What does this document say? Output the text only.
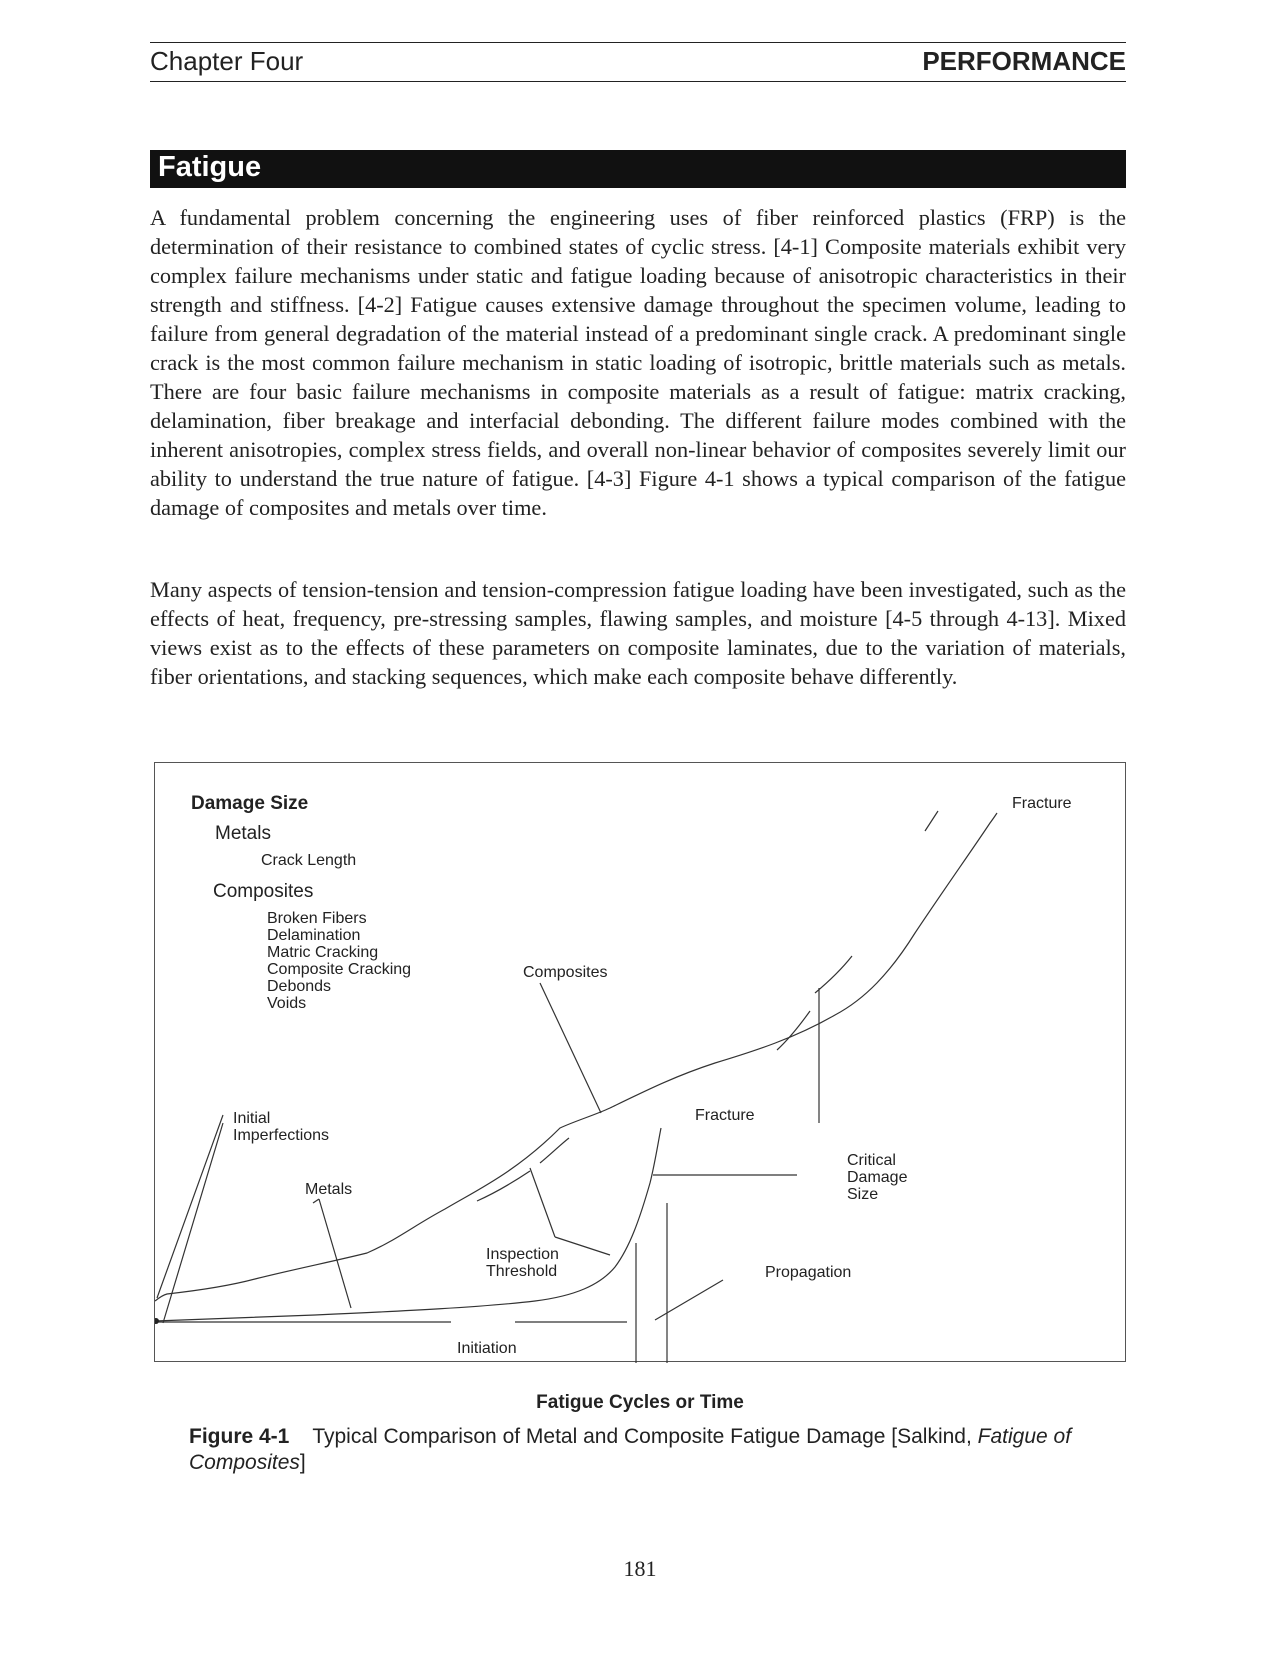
Chapter Four	PERFORMANCE
Fatigue

A fundamental problem concerning the engineering uses of fiber reinforced plastics (FRP) is the determination of their resistance to combined states of cyclic stress. [4-1] Composite materials exhibit very complex failure mechanisms under static and fatigue loading because of anisotropic characteristics in their strength and stiffness. [4-2] Fatigue causes extensive damage throughout the specimen volume, leading to failure from general degradation of the material instead of a predominant single crack. A predominant single crack is the most common failure mechanism in static loading of isotropic, brittle materials such as metals. There are four basic failure mechanisms in composite materials as a result of fatigue: matrix cracking, delamination, fiber breakage and interfacial debonding. The different failure modes combined with the inherent anisotropies, complex stress fields, and overall non-linear behavior of composites severely limit our ability to understand the true nature of fatigue. [4-3] Figure 4-1 shows a typical comparison of the fatigue damage of composites and metals over time.

Many aspects of tension-tension and tension-compression fatigue loading have been investigated, such as the effects of heat, frequency, pre-stressing samples, flawing samples, and moisture [4-5 through 4-13]. Mixed views exist as to the effects of these parameters on composite laminates, due to the variation of materials, fiber orientations, and stacking sequences, which make each composite behave differently.

Damage Size
Metals
Crack Length
Composites
Broken Fibers
Delamination
Matric Cracking
Composite Cracking
Debonds
Voids
Fracture
Composites
Initial
Imperfections
Fracture
Critical
Damage
Size
Metals
Inspection
Threshold	Propagation
Initiation
Fatigue Cycles or Time
Figure 4-1 Typical Comparison of Metal and Composite Fatigue Damage [Salkind, Fatigue of Composites]
181
